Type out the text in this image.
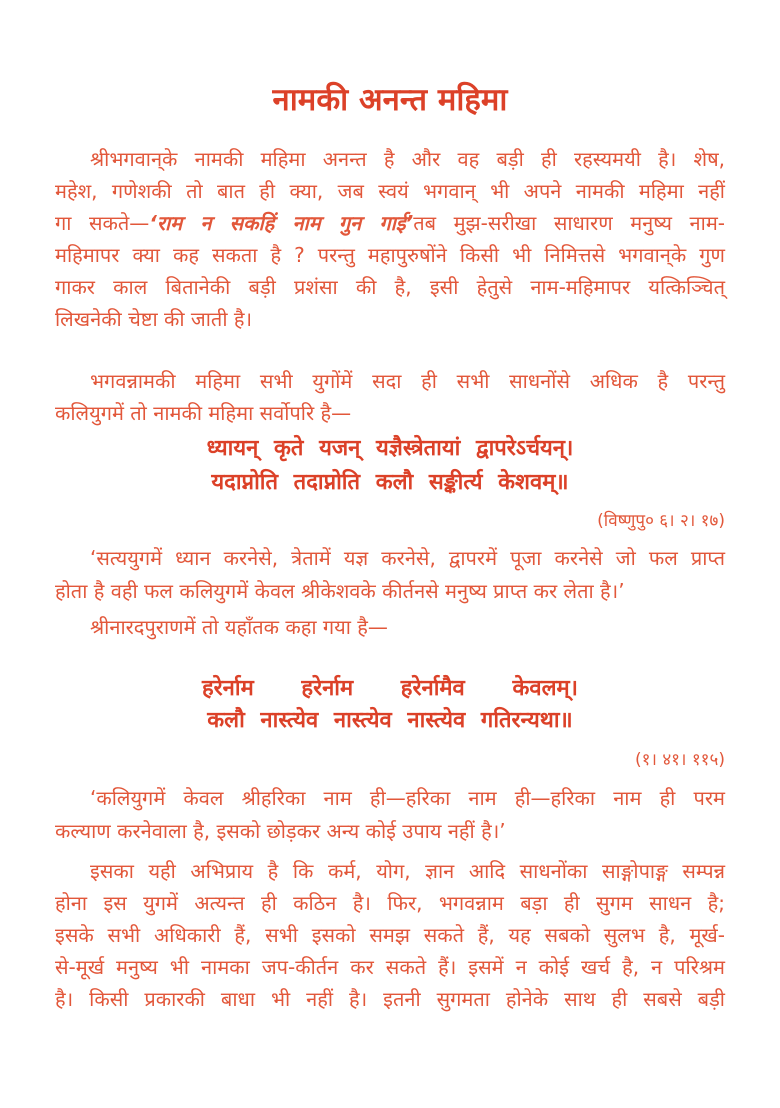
नामकी अनन्त महिमा
श्रीभगवान्‌के नामकी महिमा अनन्त है और वह बड़ी ही रहस्यमयी है। शेष,
महेश, गणेशकी तो बात ही क्या, जब स्वयं भगवान् भी अपने नामकी महिमा नहीं
गा सकते—‘राम न सकहिं नाम गुन गाई’तब मुझ-सरीखा साधारण मनुष्य नाम-
महिमापर क्या कह सकता है ? परन्तु महापुरुषोंने किसी भी निमित्तसे भगवान्‌के गुण
गाकर काल बितानेकी बड़ी प्रशंसा की है, इसी हेतुसे नाम-महिमापर यत्किञ्चित्
लिखनेकी चेष्टा की जाती है।
भगवन्नामकी महिमा सभी युगोंमें सदा ही सभी साधनोंसे अधिक है परन्तु
कलियुगमें तो नामकी महिमा सर्वोपरि है—
ध्यायन् कृते यजन् यज्ञैस्त्रेतायां द्वापरेऽर्चयन्।
यदाप्नोति तदाप्नोति कलौ सङ्कीर्त्य केशवम्॥
(विष्णुपु० ६। २। १७)
‘सत्ययुगमें ध्यान करनेसे, त्रेतामें यज्ञ करनेसे, द्वापरमें पूजा करनेसे जो फल प्राप्त
होता है वही फल कलियुगमें केवल श्रीकेशवके कीर्तनसे मनुष्य प्राप्त कर लेता है।’
श्रीनारदपुराणमें तो यहाँतक कहा गया है—
हरेर्नाम हरेर्नाम हरेर्नामैव केवलम्।
कलौ नास्त्येव नास्त्येव नास्त्येव गतिरन्यथा॥
(१। ४१। ११५)
‘कलियुगमें केवल श्रीहरिका नाम ही—हरिका नाम ही—हरिका नाम ही परम
कल्याण करनेवाला है, इसको छोड़कर अन्य कोई उपाय नहीं है।’
इसका यही अभिप्राय है कि कर्म, योग, ज्ञान आदि साधनोंका साङ्गोपाङ्ग सम्पन्न
होना इस युगमें अत्यन्त ही कठिन है। फिर, भगवन्नाम बड़ा ही सुगम साधन है;
इसके सभी अधिकारी हैं, सभी इसको समझ सकते हैं, यह सबको सुलभ है, मूर्ख-
से-मूर्ख मनुष्य भी नामका जप-कीर्तन कर सकते हैं। इसमें न कोई खर्च है, न परिश्रम
है। किसी प्रकारकी बाधा भी नहीं है। इतनी सुगमता होनेके साथ ही सबसे बड़ी
